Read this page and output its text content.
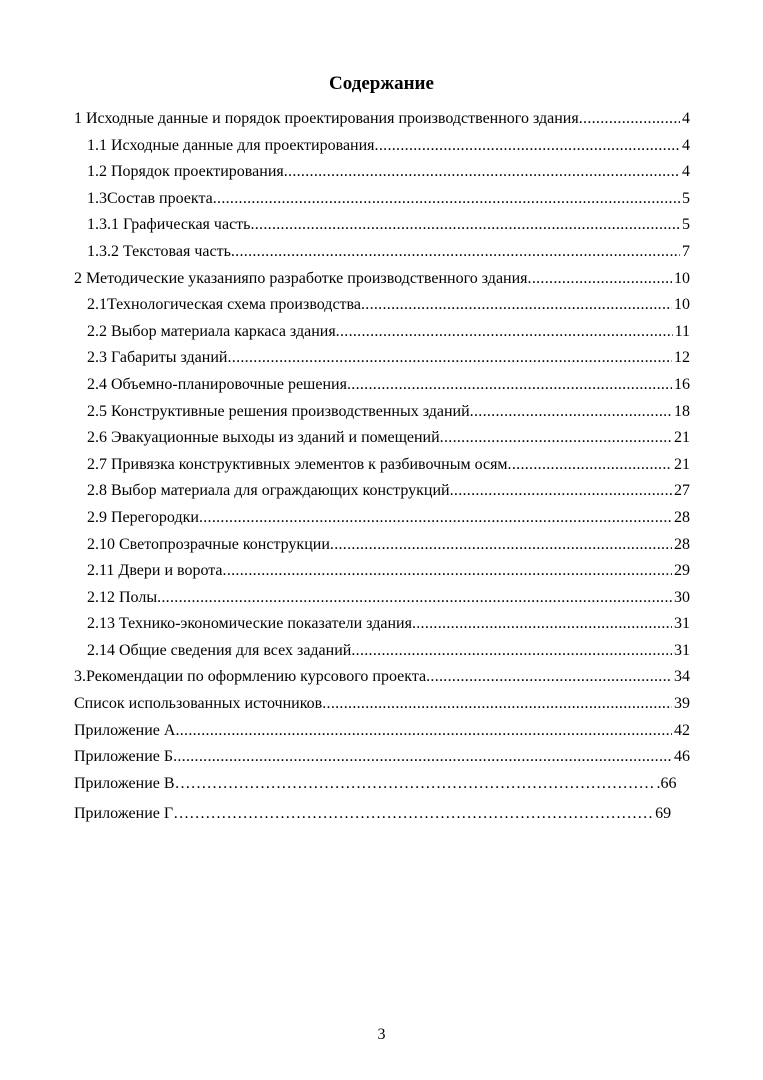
Содержание
1 Исходные данные и порядок проектирования производственного здания .....	4
1.1 Исходные данные для проектирования .....	4
1.2 Порядок проектирования .....	4
1.3Состав проекта .....	5
1.3.1 Графическая часть .....	5
1.3.2 Текстовая часть .....	7
2 Методические указанияпо разработке производственного здания .....	10
2.1Технологическая схема производства .....	10
2.2 Выбор материала каркаса здания .....	11
2.3 Габариты зданий .....	12
2.4 Объемно-планировочные решения .....	16
2.5 Конструктивные решения производственных зданий .....	18
2.6 Эвакуационные выходы из зданий и помещений .....	21
2.7 Привязка конструктивных элементов к разбивочным осям .....	21
2.8 Выбор материала для ограждающих конструкций .....	27
2.9 Перегородки .....	28
2.10 Светопрозрачные конструкции .....	28
2.11 Двери и ворота .....	29
2.12 Полы .....	30
2.13 Технико-экономические показатели здания .....	31
2.14 Общие сведения для всех заданий .....	31
3.Рекомендации по оформлению курсового проекта .....	34
Список использованных источников .....	39
Приложение А .....	42
Приложение Б .....	46
Приложение В ……………………………………………………………………………………………………………………………………………………	.66
Приложение Г ……………………………………………………………………………………………………………………………………………………	69
3
